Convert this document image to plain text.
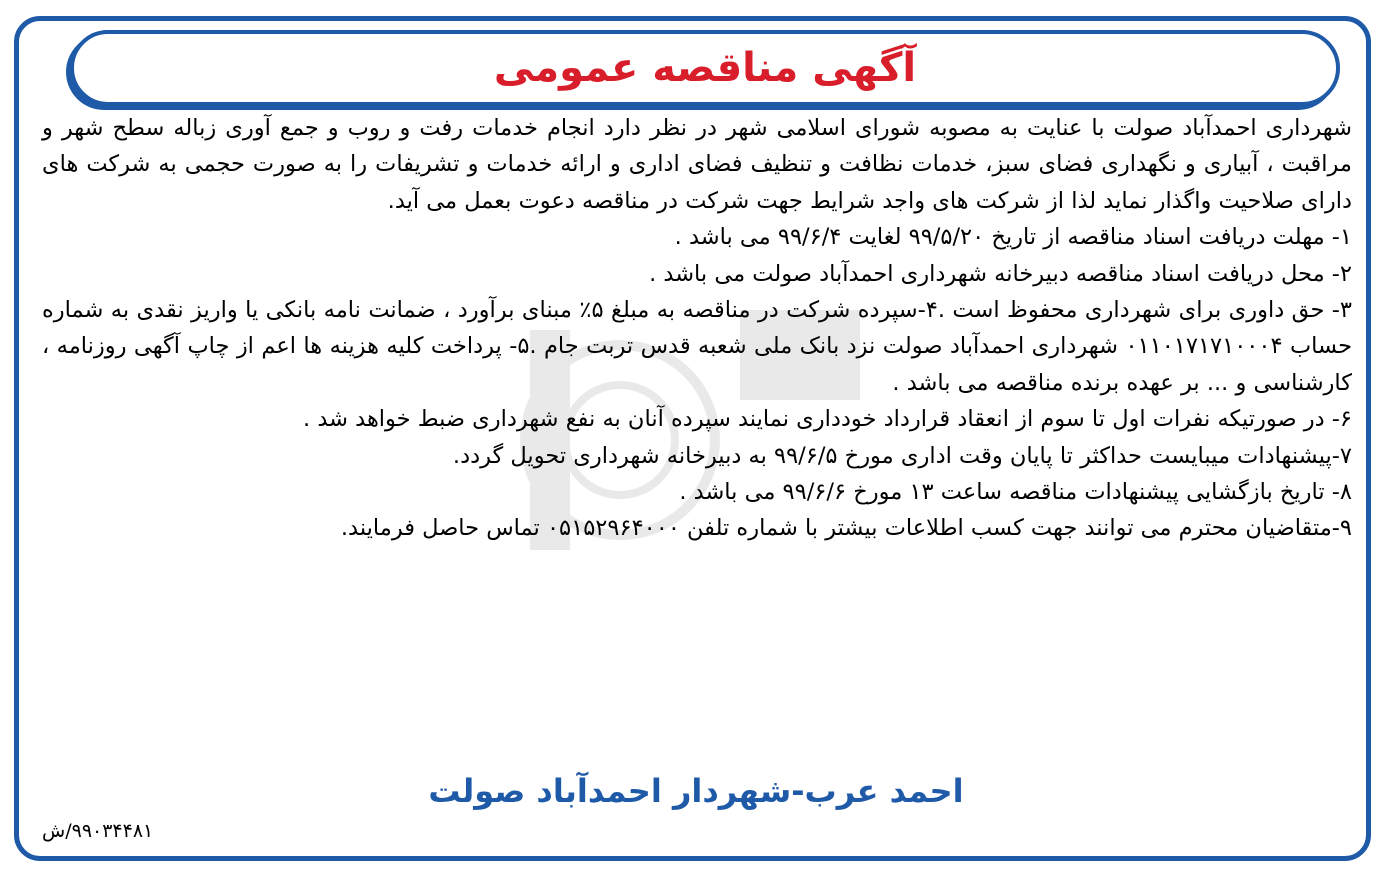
آگهی مناقصه عمومی

شهرداری احمدآباد صولت با عنایت به مصوبه شورای اسلامی شهر در نظر دارد انجام خدمات رفت و روب و جمع آوری زباله سطح شهر و مراقبت ، آبیاری و نگهداری فضای سبز، خدمات نظافت و تنظیف فضای اداری و ارائه خدمات و تشریفات را به صورت حجمی به شرکت های دارای صلاحیت واگذار نماید لذا از شرکت های واجد شرایط جهت شرکت در مناقصه دعوت بعمل می آید.

۱- مهلت دریافت اسناد مناقصه از تاریخ ۹۹/۵/۲۰ لغایت ۹۹/۶/۴ می باشد .

۲- محل دریافت اسناد مناقصه دبیرخانه شهرداری احمدآباد صولت می باشد .

۳- حق داوری برای شهرداری محفوظ است .۴-سپرده شرکت در مناقصه به مبلغ ۵٪ مبنای برآورد ، ضمانت نامه بانکی یا واریز نقدی به شماره حساب ۰۱۱۰۱۷۱۷۱۰۰۰۴ شهرداری احمدآباد صولت نزد بانک ملی شعبه قدس تربت جام .۵- پرداخت کلیه هزینه ها اعم از چاپ آگهی روزنامه ، کارشناسی و ... بر عهده برنده مناقصه می باشد .

۶- در صورتیکه نفرات اول تا سوم از انعقاد قرارداد خودداری نمایند سپرده آنان به نفع شهرداری ضبط خواهد شد .

۷-پیشنهادات میبایست حداکثر تا پایان وقت اداری مورخ ۹۹/۶/۵ به دبیرخانه شهرداری تحویل گردد.

۸- تاریخ بازگشایی پیشنهادات مناقصه ساعت ۱۳ مورخ ۹۹/۶/۶ می باشد .

۹-متقاضیان محترم می توانند جهت کسب اطلاعات بیشتر با شماره تلفن ۰۵۱۵۲۹۶۴۰۰۰ تماس حاصل فرمایند.

احمد عرب-شهردار احمدآباد صولت
۹۹۰۳۴۴۸۱/ش
